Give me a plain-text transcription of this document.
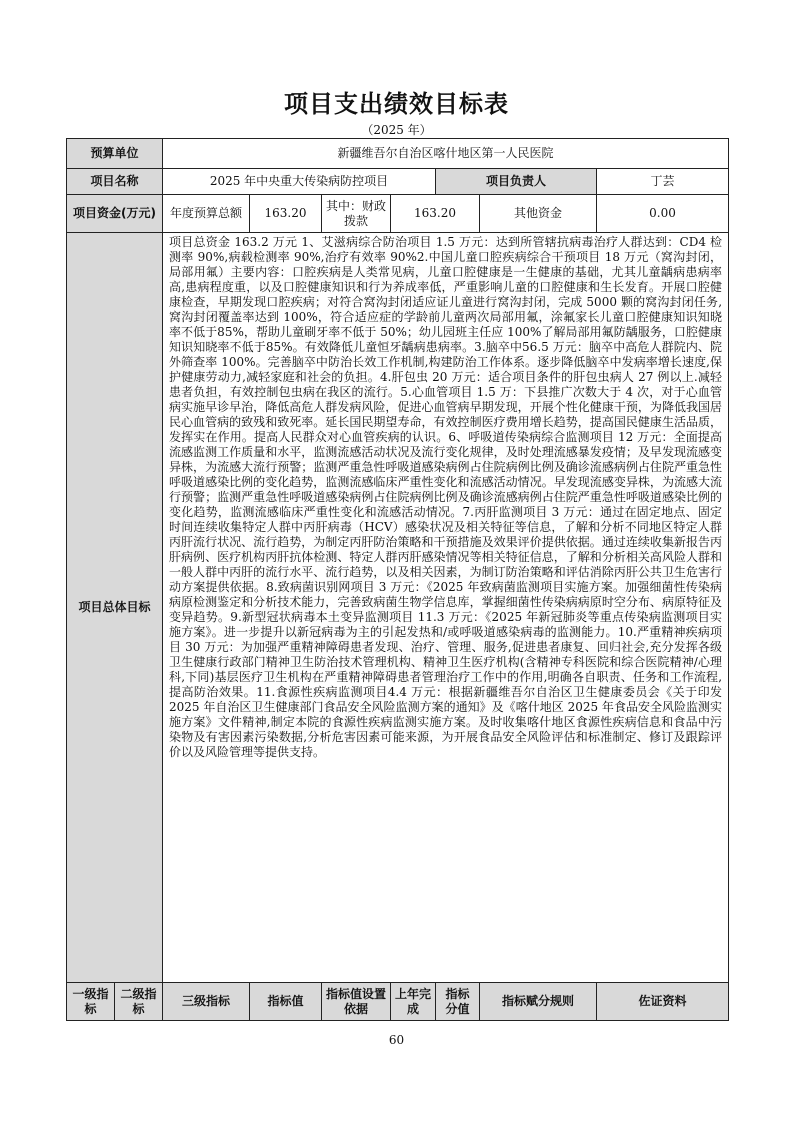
项目支出绩效目标表
（2025 年）
预算单位		新疆维吾尔自治区喀什地区第一人民医院						
项目名称		2025 年中央重大传染病防控项目				项目负责人		丁芸
项目资金(万元)		年度预算总额	163.20	其中：财政拨款	163.20		其他资金	0.00
项目总体目标		项目总资金 163.2 万元 1、艾滋病综合防治项目 1.5 万元：达到所管辖抗病毒治疗人群达到：CD4 检测率 90%,病载检测率 90%,治疗有效率 90%2.中国儿童口腔疾病综合干预项目 18 万元（窝沟封闭，局部用氟）主要内容：口腔疾病是人类常见病，儿童口腔健康是一生健康的基础，尤其儿童龋病患病率高,患病程度重，以及口腔健康知识和行为养成率低，严重影响儿童的口腔健康和生长发育。开展口腔健康检查，早期发现口腔疾病；对符合窝沟封闭适应证儿童进行窝沟封闭，完成 5000 颗的窝沟封闭任务,窝沟封闭覆盖率达到 100%，符合适应症的学龄前儿童两次局部用氟，涂氟家长儿童口腔健康知识知晓率不低于85%，帮助儿童刷牙率不低于 50%；幼儿园班主任应 100%了解局部用氟防龋服务，口腔健康知识知晓率不低于85%。有效降低儿童恒牙龋病患病率。3.脑卒中56.5 万元：脑卒中高危人群院内、院外筛查率 100%。完善脑卒中防治长效工作机制,构建防治工作体系。逐步降低脑卒中发病率增长速度,保护健康劳动力,减轻家庭和社会的负担。4.肝包虫 20 万元：适合项目条件的肝包虫病人 27 例以上.减轻患者负担，有效控制包虫病在我区的流行。5.心血管项目 1.5 万：下县推广次数大于 4 次，对于心血管病实施早诊早治，降低高危人群发病风险，促进心血管病早期发现，开展个性化健康干预，为降低我国居民心血管病的致残和致死率。延长国民期望寿命，有效控制医疗费用增长趋势，提高国民健康生活品质，发挥实在作用。提高人民群众对心血管疾病的认识。6、呼吸道传染病综合监测项目 12 万元：全面提高流感监测工作质量和水平，监测流感活动状况及流行变化规律，及时处理流感暴发疫情；及早发现流感变异株，为流感大流行预警；监测严重急性呼吸道感染病例占住院病例比例及确诊流感病例占住院严重急性呼吸道感染比例的变化趋势，监测流感临床严重性变化和流感活动情况。早发现流感变异株，为流感大流行预警；监测严重急性呼吸道感染病例占住院病例比例及确诊流感病例占住院严重急性呼吸道感染比例的变化趋势，监测流感临床严重性变化和流感活动情况。7.丙肝监测项目 3 万元：通过在固定地点、固定时间连续收集特定人群中丙肝病毒（HCV）感染状况及相关特征等信息，了解和分析不同地区特定人群丙肝流行状况、流行趋势，为制定丙肝防治策略和干预措施及效果评价提供依据。通过连续收集新报告丙肝病例、医疗机构丙肝抗体检测、特定人群丙肝感染情况等相关特征信息，了解和分析相关高风险人群和一般人群中丙肝的流行水平、流行趋势，以及相关因素，为制订防治策略和评估消除丙肝公共卫生危害行动方案提供依据。8.致病菌识别网项目 3 万元：《2025 年致病菌监测项目实施方案。加强细菌性传染病病原检测鉴定和分析技术能力，完善致病菌生物学信息库，掌握细菌性传染病病原时空分布、病原特征及变异趋势。9.新型冠状病毒本土变异监测项目 11.3 万元：《2025 年新冠肺炎等重点传染病监测项目实施方案》。进一步提升以新冠病毒为主的引起发热和/或呼吸道感染病毒的监测能力。10.严重精神疾病项目 30 万元：为加强严重精神障碍患者发现、治疗、管理、服务,促进患者康复、回归社会,充分发挥各级卫生健康行政部门精神卫生防治技术管理机构、精神卫生医疗机构(含精神专科医院和综合医院精神/心理科,下同)基层医疗卫生机构在严重精神障碍患者管理治疗工作中的作用,明确各自职责、任务和工作流程,提高防治效果。11.食源性疾病监测项目4.4 万元：根据新疆维吾尔自治区卫生健康委员会《关于印发 2025 年自治区卫生健康部门食品安全风险监测方案的通知》及《喀什地区 2025 年食品安全风险监测实施方案》文件精神,制定本院的食源性疾病监测实施方案。及时收集喀什地区食源性疾病信息和食品中污染物及有害因素污染数据,分析危害因素可能来源，为开展食品安全风险评估和标准制定、修订及跟踪评价以及风险管理等提供支持。						
一级指标	二级指标	三级指标	指标值	指标值设置依据	上年完成	指标分值	指标赋分规则	佐证资料
60
